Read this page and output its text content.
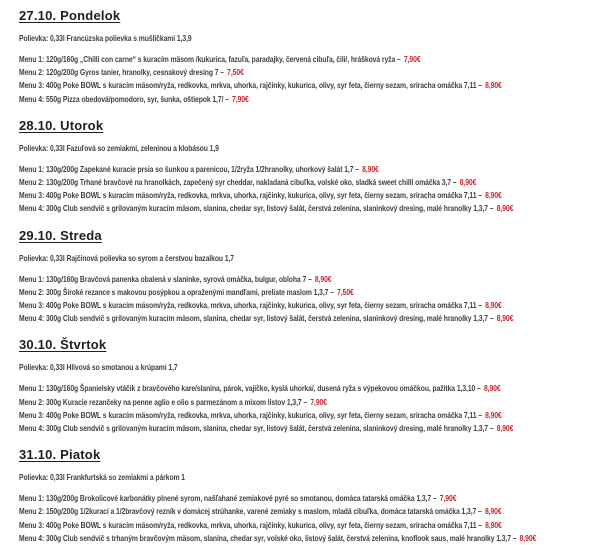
27.10. Pondelok

Polievka: 0,33l Francúzska polievka s mušličkami 1,3,9

Menu 1: 120g/160g „Chilli con carne“ s kuracím mäsom /kukurica, fazuľa, paradajky, červená cibuľa, čili/, hrášková ryža – 7,90€
Menu 2: 120g/200g Gyros tanier, hranolky, cesnakový dresing 7 – 7,50€
Menu 3: 400g Poke BOWL s kuracím mäsom/ryža, redkovka, mrkva, uhorka, rajčinky, kukurica, olivy, syr feta, čierny sezam, sriracha omáčka 7,11 – 8,90€
Menu 4: 550g Pizza obedová/pomodoro, syr, šunka, oštiepok 1,7/ – 7,90€
28.10. Utorok

Polievka: 0,33l Fazuľová so zemiakmi, zeleninou a klobásou 1,9

Menu 1: 130g/200g Zapekané kuracie prsia so šunkou a parenicou, 1/2ryža 1/2hranolky, uhorkový šalát 1,7 – 8,90€
Menu 2: 130g/200g Trhané bravčové na hranolkách, zapečený syr cheddar, nakladaná cibuľka, volské oko, sladká sweet chilli omáčka 3,7 – 8,90€
Menu 3: 400g Poke BOWL s kuracím mäsom/ryža, redkovka, mrkva, uhorka, rajčinky, kukurica, olivy, syr feta, čierny sezam, sriracha omáčka 7,11 – 8,90€
Menu 4: 300g Club sendvič s grilovaným kuracím mäsom, slanina, chedar syr, listový šalát, čerstvá zelenina, slaninkový dresing, malé hranolky 1,3,7 – 8,90€
29.10. Streda

Polievka: 0,33l Rajčinová polievka so syrom a čerstvou bazalkou 1,7

Menu 1: 130g/160g Bravčová panenka obalená v slaninke, syrová omáčka, bulgur, obloha 7 – 8,90€
Menu 2: 300g Široké rezance s makovou posýpkou a opraženými mandľami, preliate maslom 1,3,7 – 7,50€
Menu 3: 400g Poke BOWL s kuracím mäsom/ryža, redkovka, mrkva, uhorka, rajčinky, kukurica, olivy, syr feta, čierny sezam, sriracha omáčka 7,11 – 8,90€
Menu 4: 300g Club sendvič s grilovaným kuracím mäsom, slanina, chedar syr, listový šalát, čerstvá zelenina, slaninkový dresing, malé hranolky 1,3,7 – 8,90€
30.10. Štvrtok

Polievka: 0,33l Hlivová so smotanou a krúpami 1,7

Menu 1: 130g/160g Španielsky vtáčik z bravčového kare/slanina, párok, vajíčko, kyslá uhorka/, dusená ryža s výpekovou omáčkou, pažítka 1,3,10 – 8,90€
Menu 2: 300g Kuracie rezančeky na penne aglio e olio s parmezánom a mixom listov 1,3,7 – 7,90€
Menu 3: 400g Poke BOWL s kuracím mäsom/ryža, redkovka, mrkva, uhorka, rajčinky, kukurica, olivy, syr feta, čierny sezam, sriracha omáčka 7,11 – 8,90€
Menu 4: 300g Club sendvič s grilovaným kuracím mäsom, slanina, chedar syr, listový šalát, čerstvá zelenina, slaninkový dresing, malé hranolky 1,3,7 – 8,90€
31.10. Piatok

Polievka: 0,33l Frankfurtská so zemiakmi a párkom 1

Menu 1: 130g/200g Brokolicové karbonátky plnené syrom, našľahané zemiakové pyré so smotanou, domáca tatarská omáčka 1,3,7 – 7,90€
Menu 2: 150g/200g 1/2kurací a 1/2bravčový rezník v domácej strúhanke, varené zemiaky s maslom, mladá cibuľka, domáca tatarská omáčka 1,3,7 – 8,90€
Menu 3: 400g Poke BOWL s kuracím mäsom/ryža, redkovka, mrkva, uhorka, rajčinky, kukurica, olivy, syr feta, čierny sezam, sriracha omáčka 7,11 – 8,90€
Menu 4: 300g Club sendvič s trhaným bravčovým mäsom, slanina, chedar syr, volské oko, listový šalát, čerstvá zelenina, knoflook saus, malé hranolky 1,3,7 – 8,90€
